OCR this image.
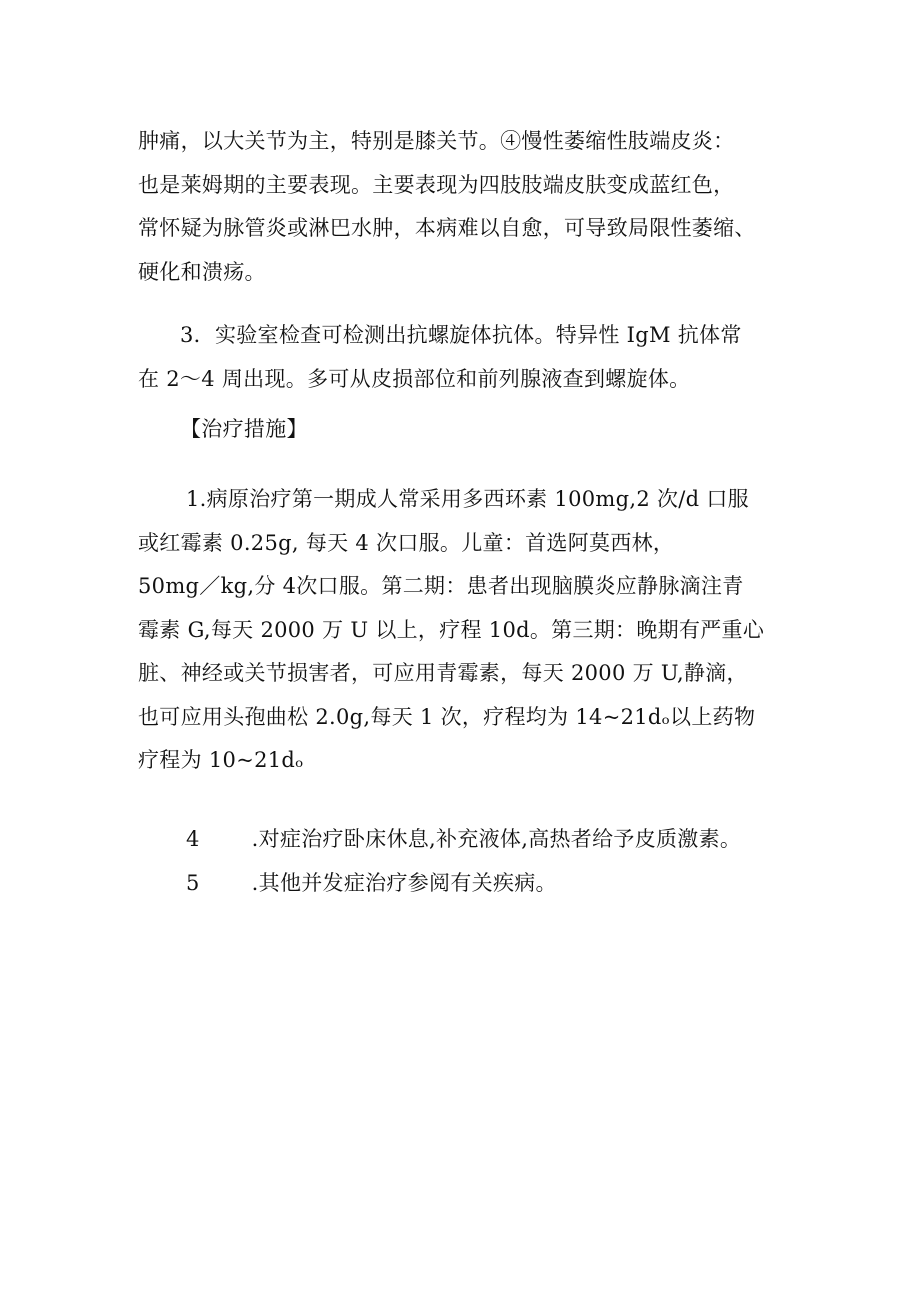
肿痛，以大关节为主，特别是膝关节。④慢性萎缩性肢端皮炎：
也是莱姆期的主要表现。主要表现为四肢肢端皮肤变成蓝红色，
常怀疑为脉管炎或淋巴水肿，本病难以自愈，可导致局限性萎缩、
硬化和溃疡。
3．实验室检查可检测出抗螺旋体抗体。特异性 IgM 抗体常
在 2～4 周出现。多可从皮损部位和前列腺液查到螺旋体。
【治疗措施】
1.病原治疗第一期成人常采用多西环素 100mg,2 次/d 口服
或红霉素 0.25g, 每天 4 次口服。儿童：首选阿莫西林，
50mg／kg,分 4次口服。第二期：患者出现脑膜炎应静脉滴注青
霉素 G,每天 2000 万 U 以上，疗程 10d。第三期：晚期有严重心
脏、神经或关节损害者，可应用青霉素，每天 2000 万 U,静滴，
也可应用头孢曲松 2.0g,每天 1 次，疗程均为 14~21dₒ以上药物
疗程为 10~21dₒ
4 .对症治疗卧床休息,补充液体,高热者给予皮质激素。
5 .其他并发症治疗参阅有关疾病。
